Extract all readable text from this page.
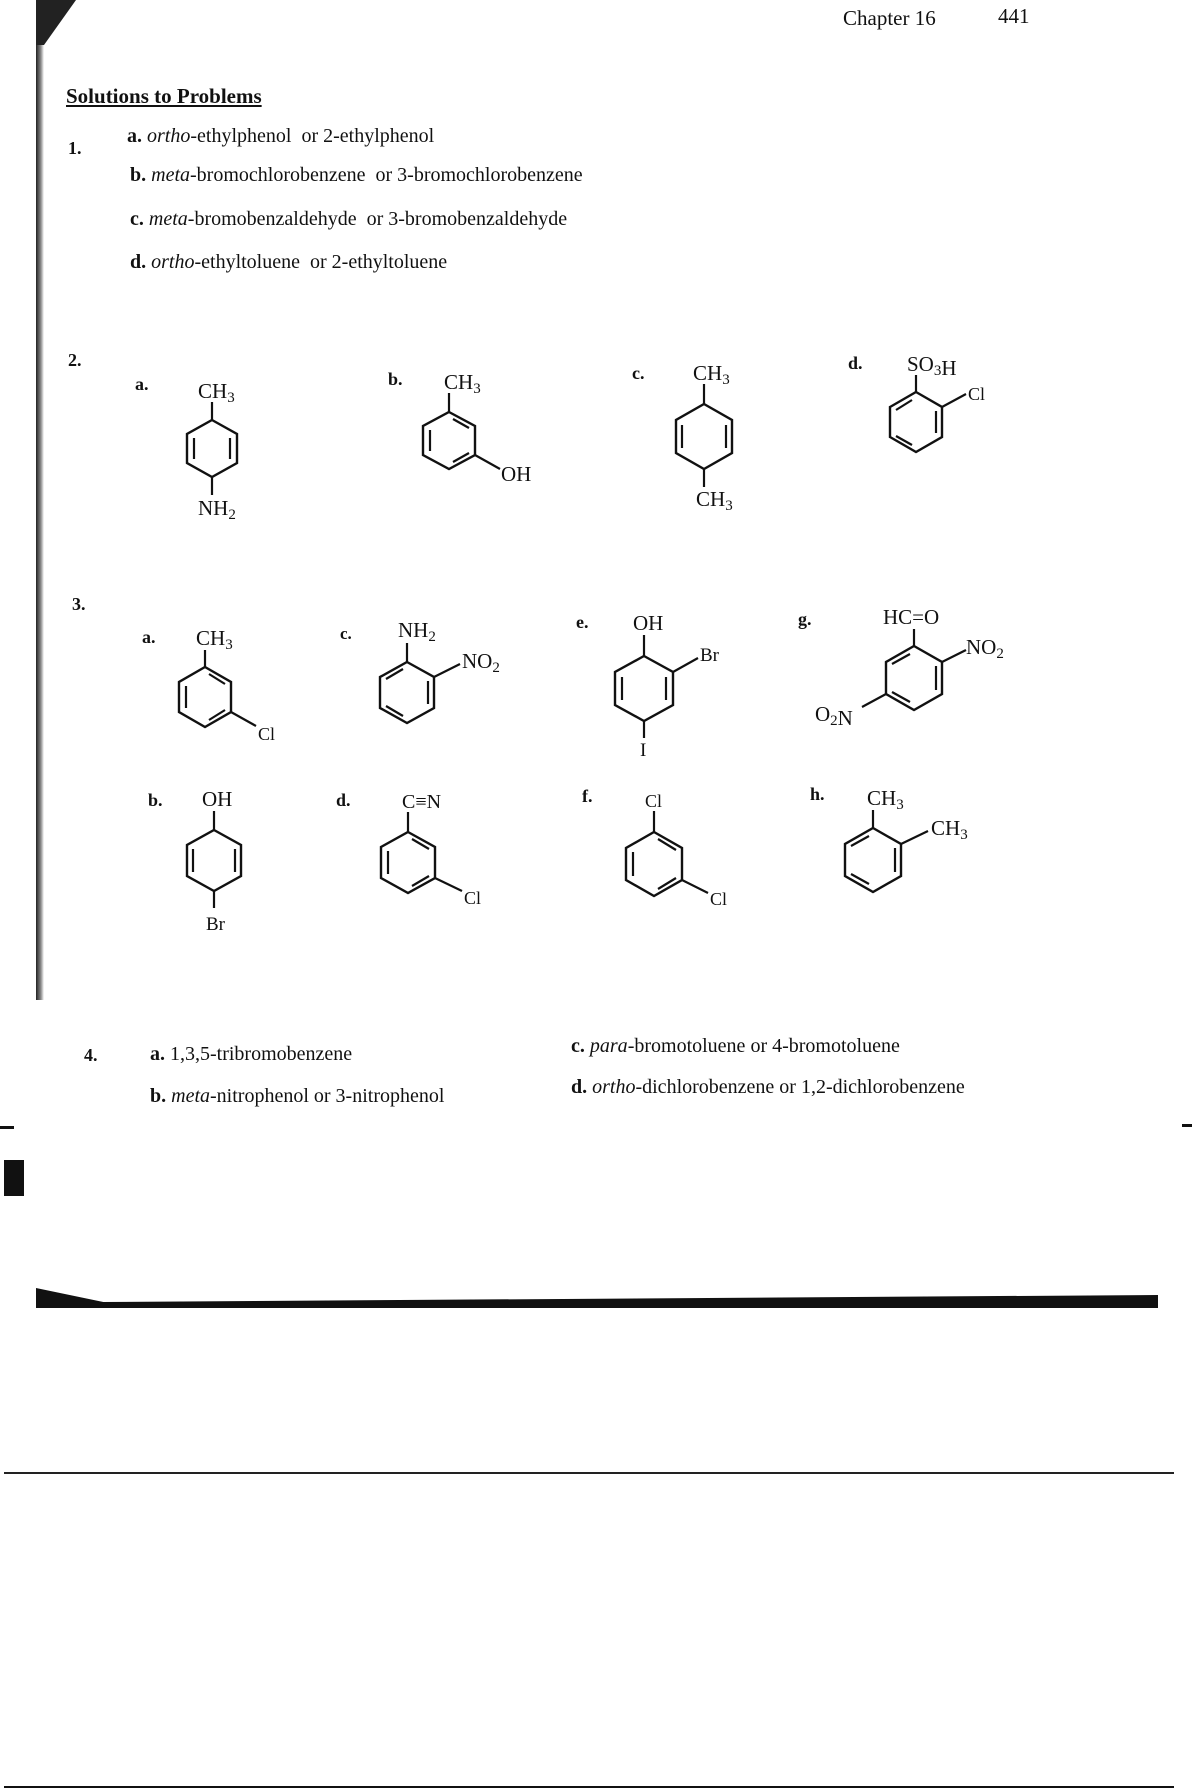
Chapter 16	441
Solutions to Problems
1.
a. ortho-ethylphenol or 2-ethylphenol
b. meta-bromochlorobenzene or 3-bromochlorobenzene
c. meta-bromobenzaldehyde or 3-bromobenzaldehyde
d. ortho-ethyltoluene or 2-ethyltoluene
2.
a. CH3
NH2
b. CH3
OH
c. CH3
CH3
d. SO3H
Cl
3.
a. CH3
Cl
c. NH2
NO2
e. OH
Br
I
g.	HC=O
NO2
O2N
b. OH
Br
d.	C≡N
Cl
f.	Cl
Cl
h. CH3
CH3
4.	a. 1,3,5-tribromobenzene
b. meta-nitrophenol or 3-nitrophenol
c. para-bromotoluene or 4-bromotoluene
d. ortho-dichlorobenzene or 1,2-dichlorobenzene
